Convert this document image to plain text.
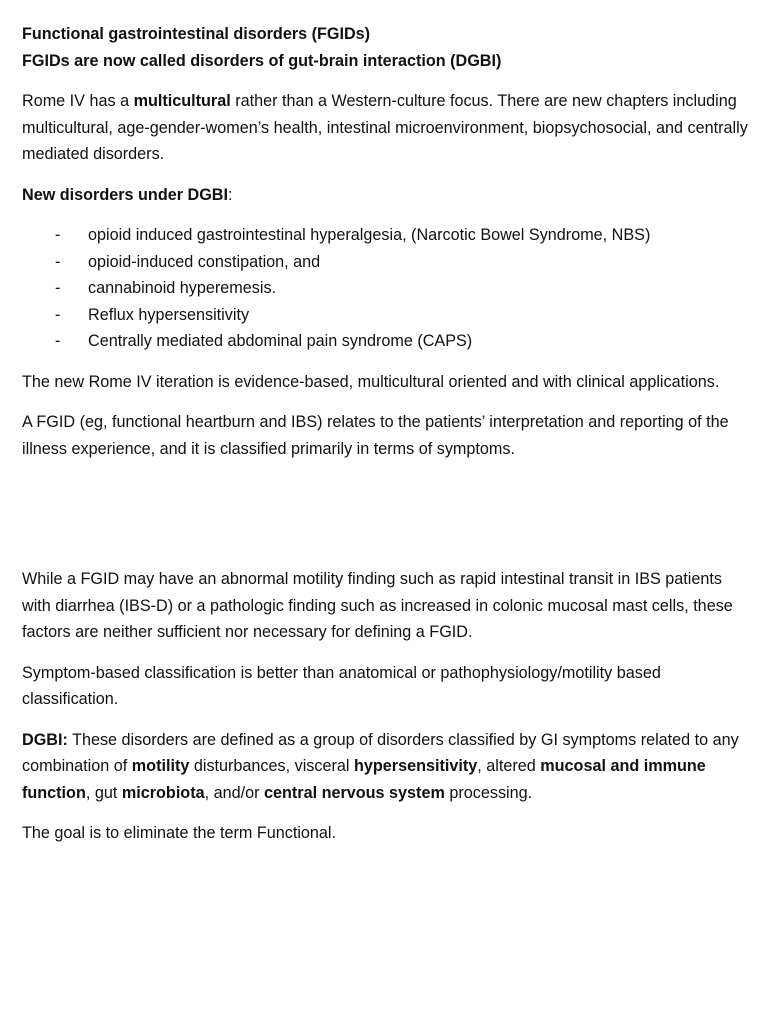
Functional gastrointestinal disorders (FGIDs)

FGIDs are now called disorders of gut-brain interaction (DGBI)

Rome IV has a multicultural rather than a Western-culture focus. There are new chapters including multicultural, age-gender-women’s health, intestinal microenvironment, biopsychosocial, and centrally mediated disorders.

New disorders under DGBI:

- opioid induced gastrointestinal hyperalgesia, (Narcotic Bowel Syndrome, NBS)
- opioid-induced constipation, and
- cannabinoid hyperemesis.
- Reflux hypersensitivity
- Centrally mediated abdominal pain syndrome (CAPS)

The new Rome IV iteration is evidence-based, multicultural oriented and with clinical applications.

A FGID (eg, functional heartburn and IBS) relates to the patients’ interpretation and reporting of the illness experience, and it is classified primarily in terms of symptoms.

While a FGID may have an abnormal motility finding such as rapid intestinal transit in IBS patients with diarrhea (IBS-D) or a pathologic finding such as increased in colonic mucosal mast cells, these factors are neither sufficient nor necessary for defining a FGID.

Symptom-based classification is better than anatomical or pathophysiology/motility based classification.

DGBI: These disorders are defined as a group of disorders classified by GI symptoms related to any combination of motility disturbances, visceral hypersensitivity, altered mucosal and immune function, gut microbiota, and/or central nervous system processing.

The goal is to eliminate the term Functional.
